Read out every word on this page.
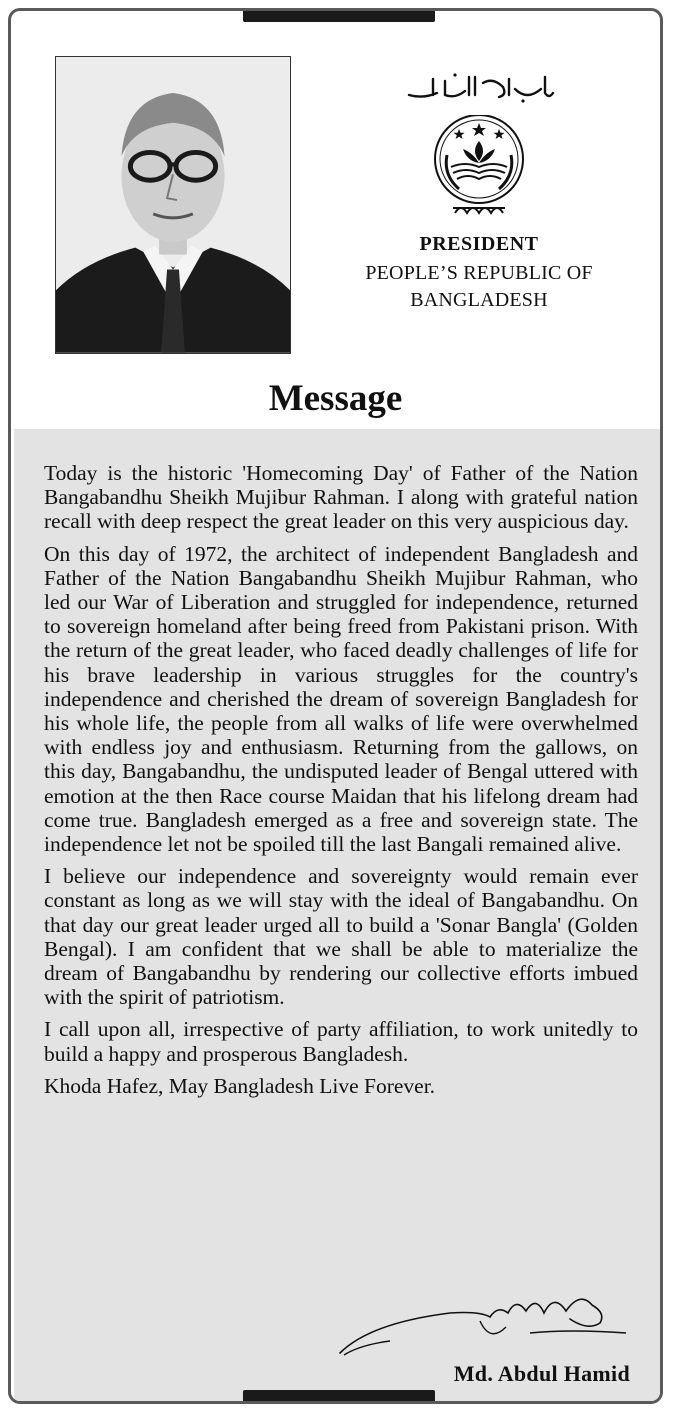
PRESIDENT
PEOPLE’S REPUBLIC OF BANGLADESH
Message

Today is the historic 'Homecoming Day' of Father of the Nation Bangabandhu Sheikh Mujibur Rahman. I along with grateful nation recall with deep respect the great leader on this very auspicious day.

On this day of 1972, the architect of independent Bangladesh and Father of the Nation Bangabandhu Sheikh Mujibur Rahman, who led our War of Liberation and struggled for independence, returned to sovereign homeland after being freed from Pakistani prison. With the return of the great leader, who faced deadly challenges of life for his brave leadership in various struggles for the country's independence and cherished the dream of sovereign Bangladesh for his whole life, the people from all walks of life were overwhelmed with endless joy and enthusiasm. Returning from the gallows, on this day, Bangabandhu, the undisputed leader of Bengal uttered with emotion at the then Race course Maidan that his lifelong dream had come true. Bangladesh emerged as a free and sovereign state. The independence let not be spoiled till the last Bangali remained alive.

I believe our independence and sovereignty would remain ever constant as long as we will stay with the ideal of Bangabandhu. On that day our great leader urged all to build a 'Sonar Bangla' (Golden Bengal). I am confident that we shall be able to materialize the dream of Bangabandhu by rendering our collective efforts imbued with the spirit of patriotism.

I call upon all, irrespective of party affiliation, to work unitedly to build a happy and prosperous Bangladesh.

Khoda Hafez, May Bangladesh Live Forever.

Md. Abdul Hamid
